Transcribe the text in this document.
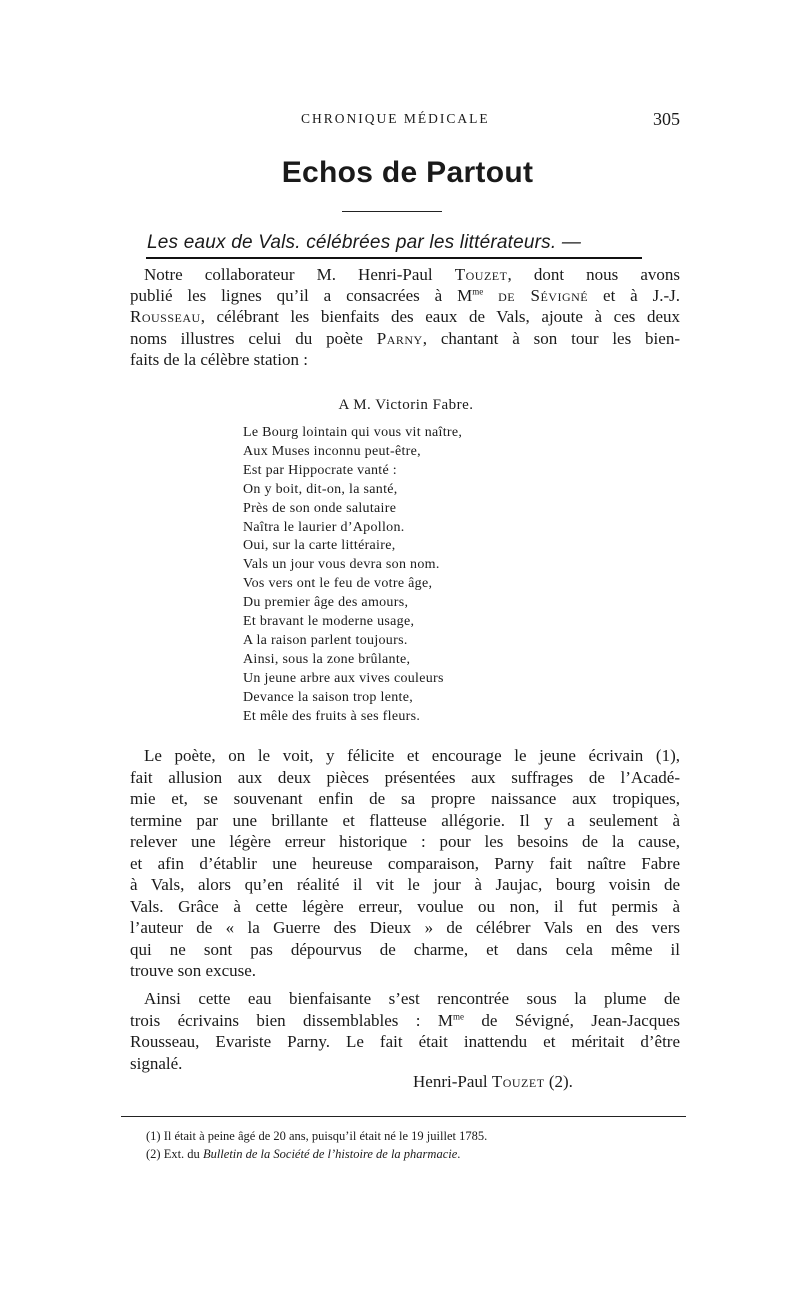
CHRONIQUE MÉDICALE	305
Echos de Partout
Les eaux de Vals. célébrées par les littérateurs. —
Notre collaborateur M. Henri-Paul Touzet, dont nous avons
publié les lignes qu’il a consacrées à $M^{me}$ de Sévigné et à J.-J.
Rousseau, célébrant les bienfaits des eaux de Vals, ajoute à ces deux
noms illustres celui du poète Parny, chantant à son tour les bien-
faits de la célèbre station :
A M. Victorin Fabre.
Le Bourg lointain qui vous vit naître,
Aux Muses inconnu peut-être,
Est par Hippocrate vanté :
On y boit, dit-on, la santé,
Près de son onde salutaire
Naîtra le laurier d’Apollon.
Oui, sur la carte littéraire,
Vals un jour vous devra son nom.
Vos vers ont le feu de votre âge,
Du premier âge des amours,
Et bravant le moderne usage,
A la raison parlent toujours.
Ainsi, sous la zone brûlante,
Un jeune arbre aux vives couleurs
Devance la saison trop lente,
Et mêle des fruits à ses fleurs.
Le poète, on le voit, y félicite et encourage le jeune écrivain (1),
fait allusion aux deux pièces présentées aux suffrages de l’Acadé-
mie et, se souvenant enfin de sa propre naissance aux tropiques,
termine par une brillante et flatteuse allégorie. Il y a seulement à
relever une légère erreur historique : pour les besoins de la cause,
et afin d’établir une heureuse comparaison, Parny fait naître Fabre
à Vals, alors qu’en réalité il vit le jour à Jaujac, bourg voisin de
Vals. Grâce à cette légère erreur, voulue ou non, il fut permis à
l’auteur de « la Guerre des Dieux » de célébrer Vals en des vers
qui ne sont pas dépourvus de charme, et dans cela même il
trouve son excuse.
Ainsi cette eau bienfaisante s’est rencontrée sous la plume de
trois écrivains bien dissemblables : $M^{me}$ de Sévigné, Jean-Jacques
Rousseau, Evariste Parny. Le fait était inattendu et méritait d’être
signalé.
Henri-Paul Touzet (2).
(1) Il était à peine âgé de 20 ans, puisqu’il était né le 19 juillet 1785.
(2) Ext. du Bulletin de la Société de l’histoire de la pharmacie.
